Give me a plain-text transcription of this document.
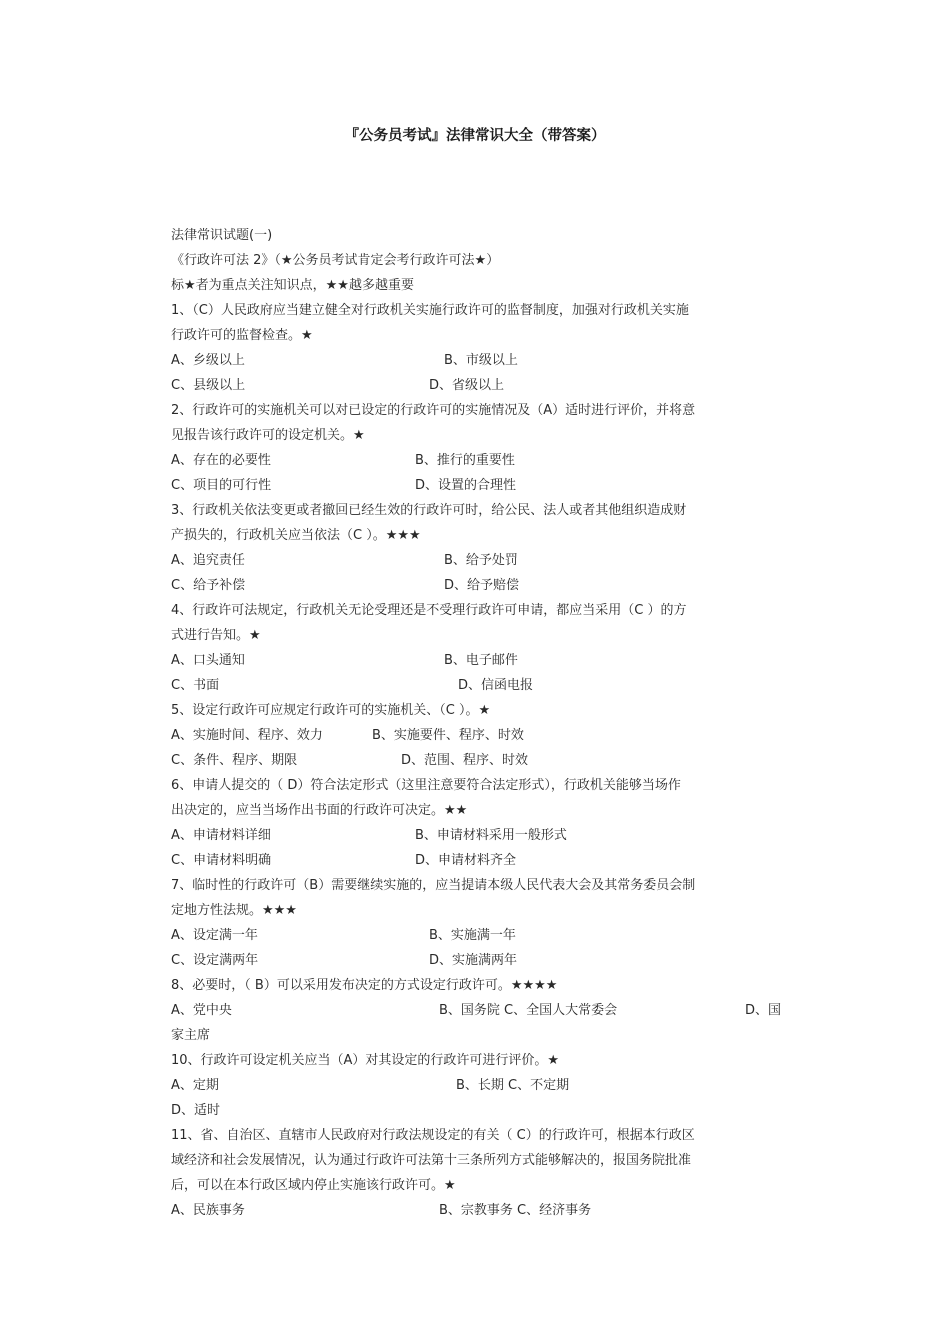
『公务员考试』法律常识大全（带答案）
法律常识试题(一)
《行政许可法 2》（★公务员考试肯定会考行政许可法★）
标★者为重点关注知识点，★★越多越重要
1、（C）人民政府应当建立健全对行政机关实施行政许可的监督制度，加强对行政机关实施
行政许可的监督检查。★
A、乡级以上	B、市级以上
C、县级以上	D、省级以上
2、行政许可的实施机关可以对已设定的行政许可的实施情况及（A）适时进行评价，并将意
见报告该行政许可的设定机关。★
A、存在的必要性	B、推行的重要性
C、项目的可行性	D、设置的合理性
3、行政机关依法变更或者撤回已经生效的行政许可时，给公民、法人或者其他组织造成财
产损失的，行政机关应当依法（C ）。★★★
A、追究责任	B、给予处罚
C、给予补偿	D、给予赔偿
4、行政许可法规定，行政机关无论受理还是不受理行政许可申请，都应当采用（C ）的方
式进行告知。★
A、口头通知	B、电子邮件
C、书面	D、信函电报
5、设定行政许可应规定行政许可的实施机关、（C ）。★
A、实施时间、程序、效力	B、实施要件、程序、时效
C、条件、程序、期限	D、范围、程序、时效
6、申请人提交的（ D）符合法定形式（这里注意要符合法定形式），行政机关能够当场作
出决定的，应当当场作出书面的行政许可决定。★★
A、申请材料详细	B、申请材料采用一般形式
C、申请材料明确	D、申请材料齐全
7、临时性的行政许可（B）需要继续实施的，应当提请本级人民代表大会及其常务委员会制
定地方性法规。★★★
A、设定满一年	B、实施满一年
C、设定满两年	D、实施满两年
8、必要时，（ B）可以采用发布决定的方式设定行政许可。★★★★
A、党中央	B、国务院 C、全国人大常委会	D、国
家主席
10、行政许可设定机关应当（A）对其设定的行政许可进行评价。★
A、定期	B、长期 C、不定期
D、适时
11、省、自治区、直辖市人民政府对行政法规设定的有关（ C）的行政许可，根据本行政区
域经济和社会发展情况，认为通过行政许可法第十三条所列方式能够解决的，报国务院批准
后，可以在本行政区域内停止实施该行政许可。★
A、民族事务	B、宗教事务 C、经济事务
